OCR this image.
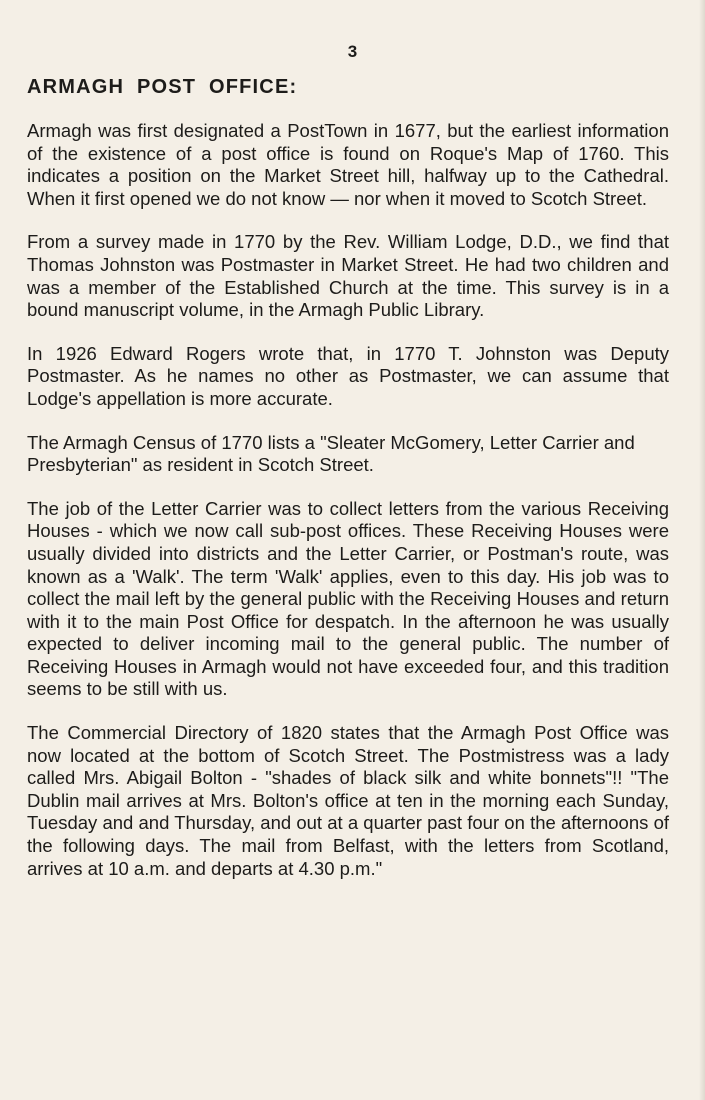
3
ARMAGH POST OFFICE:

Armagh was first designated a PostTown in 1677, but the earliest information of the existence of a post office is found on Roque's Map of 1760. This indicates a position on the Market Street hill, halfway up to the Cathedral. When it first opened we do not know — nor when it moved to Scotch Street.

From a survey made in 1770 by the Rev. William Lodge, D.D., we find that Thomas Johnston was Postmaster in Market Street. He had two children and was a member of the Established Church at the time. This survey is in a bound manuscript volume, in the Armagh Public Library.

In 1926 Edward Rogers wrote that, in 1770 T. Johnston was Deputy Postmaster. As he names no other as Postmaster, we can assume that Lodge's appellation is more accurate.

The Armagh Census of 1770 lists a "Sleater McGomery, Letter Carrier and Presbyterian" as resident in Scotch Street.

The job of the Letter Carrier was to collect letters from the various Receiving Houses - which we now call sub-post offices. These Receiving Houses were usually divided into districts and the Letter Carrier, or Postman's route, was known as a 'Walk'. The term 'Walk' applies, even to this day. His job was to collect the mail left by the general public with the Receiving Houses and return with it to the main Post Office for despatch. In the afternoon he was usually expected to deliver incoming mail to the general public. The number of Receiving Houses in Armagh would not have exceeded four, and this tradition seems to be still with us.

The Commercial Directory of 1820 states that the Armagh Post Office was now located at the bottom of Scotch Street. The Postmistress was a lady called Mrs. Abigail Bolton - "shades of black silk and white bonnets"!! "The Dublin mail arrives at Mrs. Bolton's office at ten in the morning each Sunday, Tuesday and and Thursday, and out at a quarter past four on the afternoons of the following days. The mail from Belfast, with the letters from Scotland, arrives at 10 a.m. and departs at 4.30 p.m."
